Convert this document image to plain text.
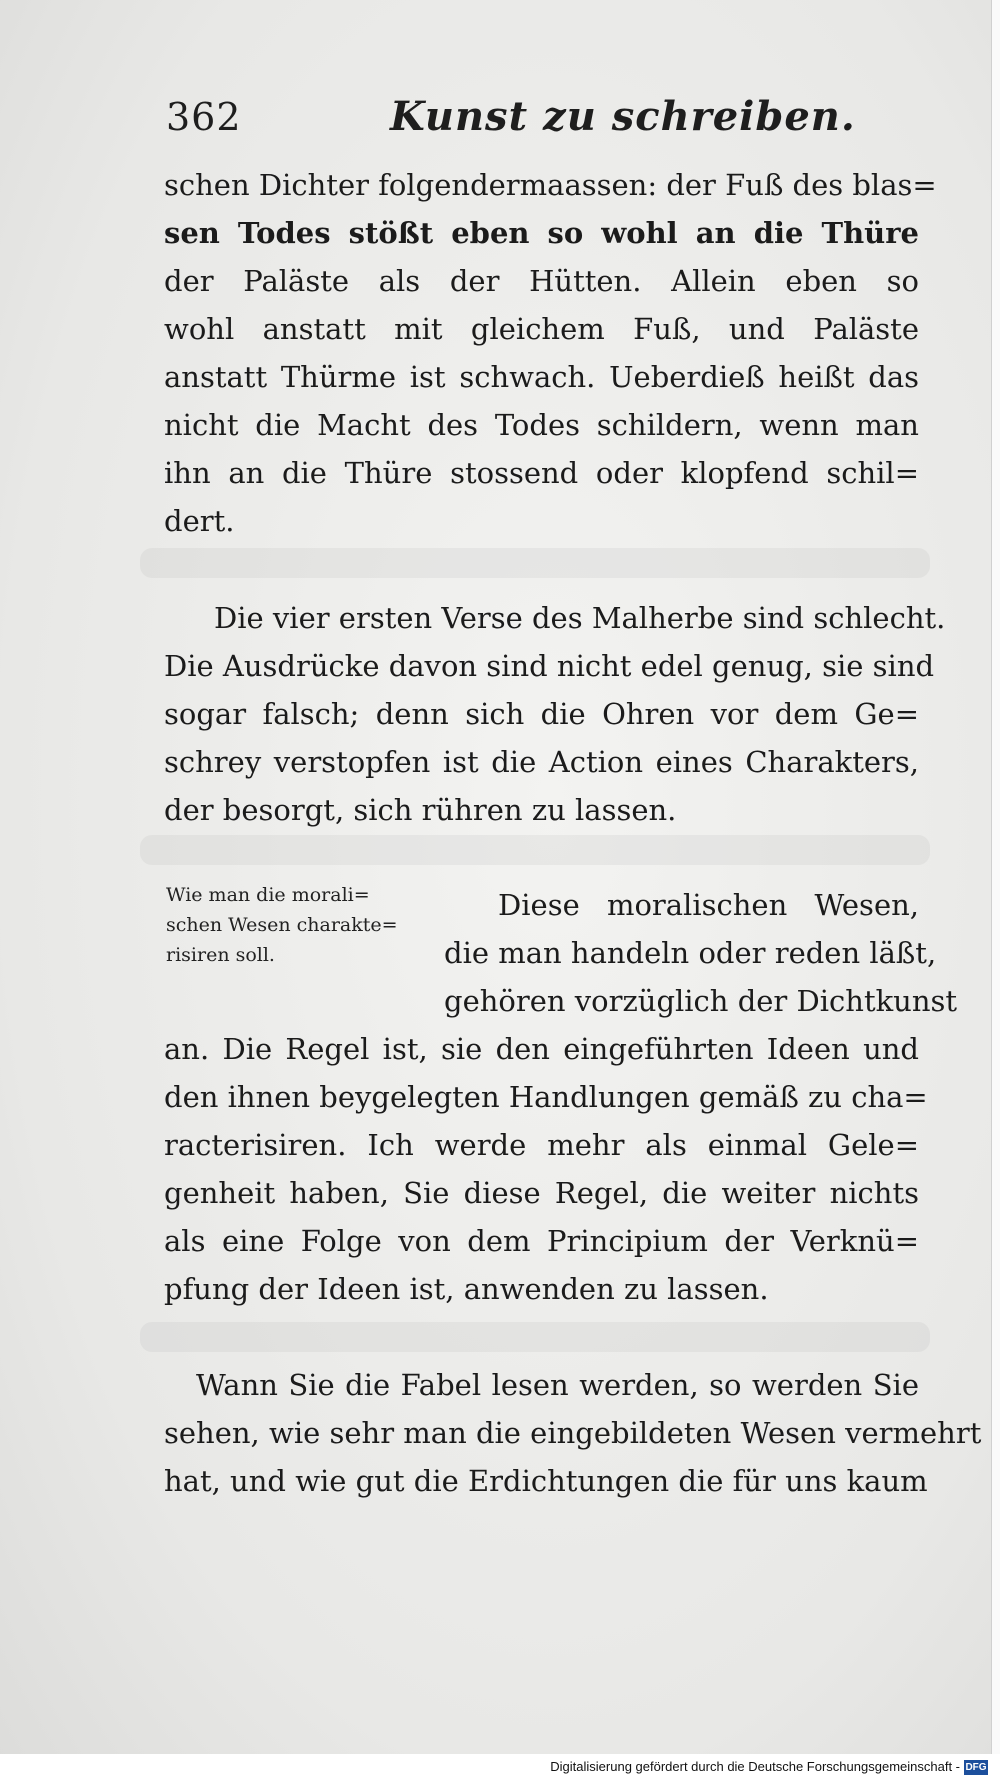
362	Kunst zu schreiben.
schen Dichter folgendermaassen: der Fuß des blas=
sen Todes stößt eben so wohl an die Thüre
der Paläste als der Hütten. Allein eben so
wohl anstatt mit gleichem Fuß, und Paläste
anstatt Thürme ist schwach. Ueberdieß heißt das
nicht die Macht des Todes schildern, wenn man
ihn an die Thüre stossend oder klopfend schil=
dert.
Die vier ersten Verse des Malherbe sind schlecht.
Die Ausdrücke davon sind nicht edel genug, sie sind
sogar falsch; denn sich die Ohren vor dem Ge=
schrey verstopfen ist die Action eines Charakters,
der besorgt, sich rühren zu lassen.
Wie man die morali=
schen Wesen charakte=
risiren soll.
Diese moralischen Wesen,
die man handeln oder reden läßt,
gehören vorzüglich der Dichtkunst
an. Die Regel ist, sie den eingeführten Ideen und
den ihnen beygelegten Handlungen gemäß zu cha=
racterisiren. Ich werde mehr als einmal Gele=
genheit haben, Sie diese Regel, die weiter nichts
als eine Folge von dem Principium der Verknü=
pfung der Ideen ist, anwenden zu lassen.
Wann Sie die Fabel lesen werden, so werden Sie
sehen, wie sehr man die eingebildeten Wesen vermehrt
hat, und wie gut die Erdichtungen die für uns kaum
Digitalisierung gefördert durch die Deutsche Forschungsgemeinschaft - DFG
